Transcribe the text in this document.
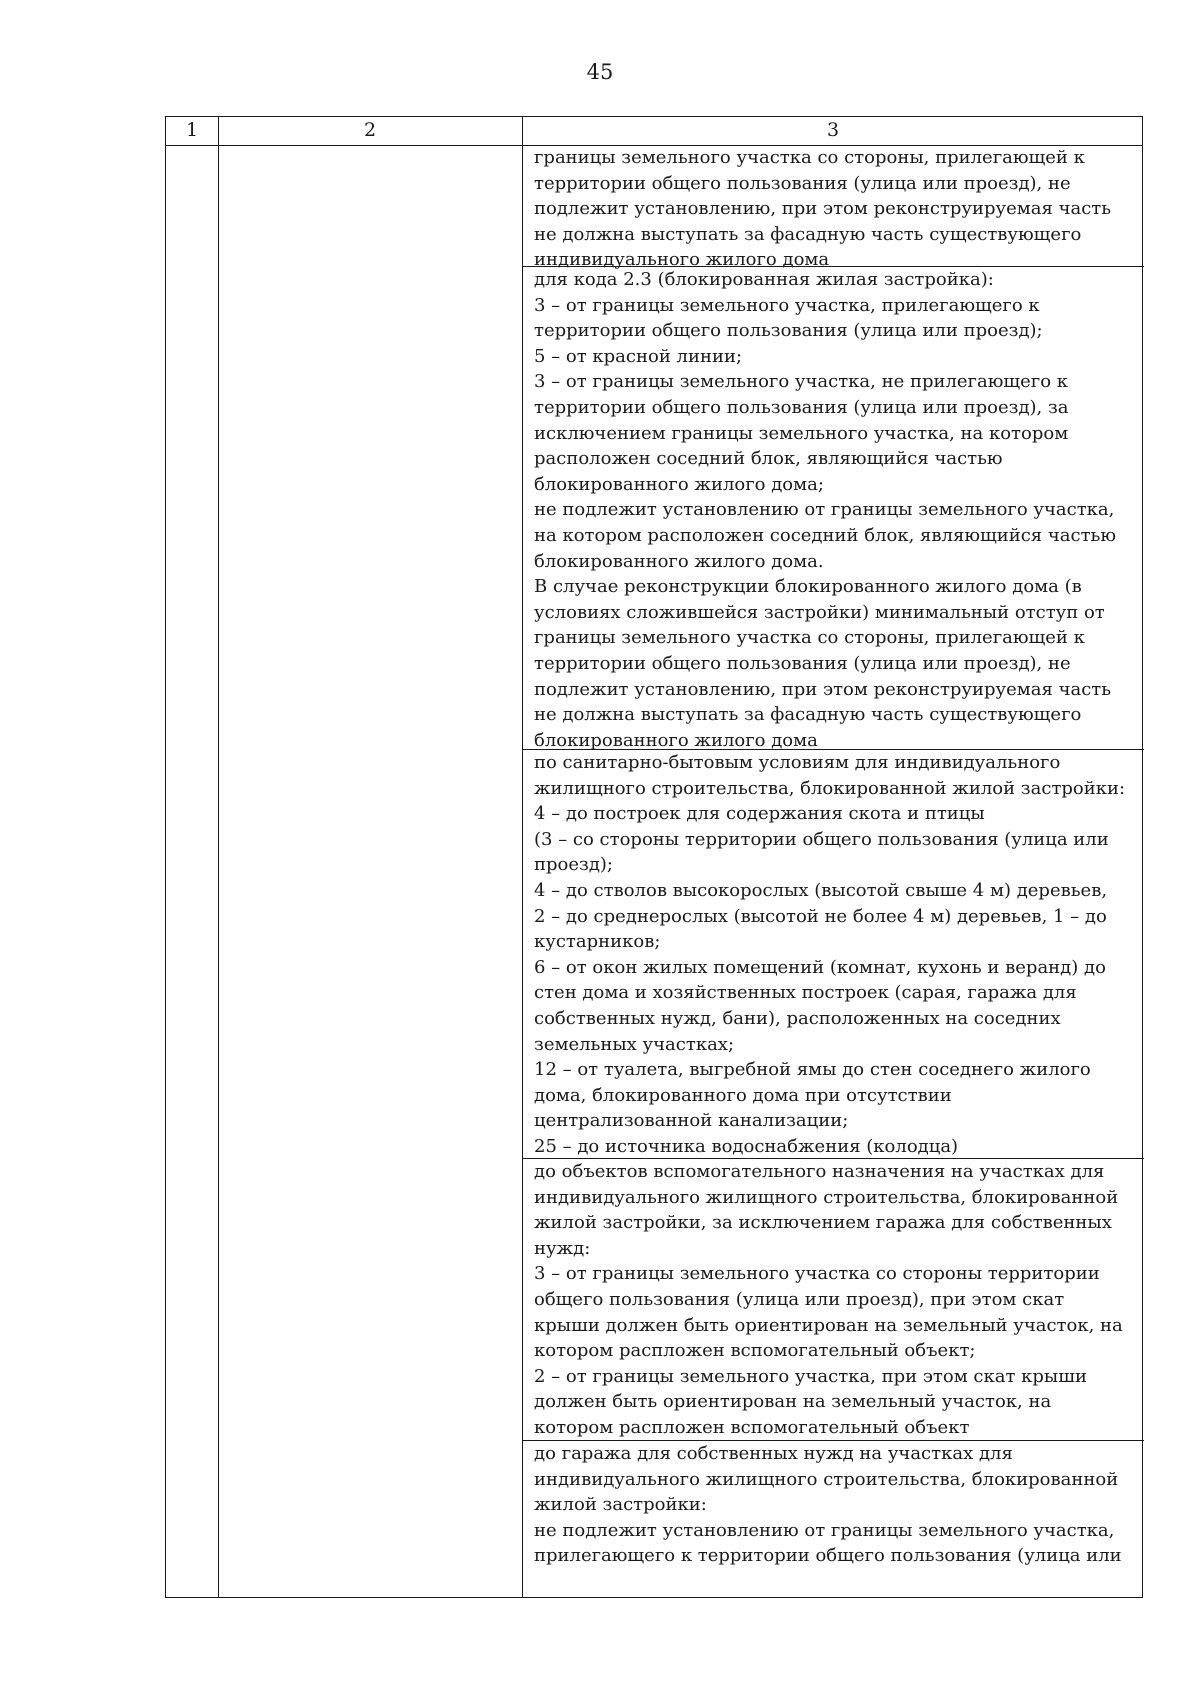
45
1	2	3
границы земельного участка со стороны, прилегающей к
территории общего пользования (улица или проезд), не
подлежит установлению, при этом реконструируемая часть
не должна выступать за фасадную часть существующего
индивидуального жилого дома
для кода 2.3 (блокированная жилая застройка):
3 – от границы земельного участка, прилегающего к
территории общего пользования (улица или проезд);
5 – от красной линии;
3 – от границы земельного участка, не прилегающего к
территории общего пользования (улица или проезд), за
исключением границы земельного участка, на котором
расположен соседний блок, являющийся частью
блокированного жилого дома;
не подлежит установлению от границы земельного участка,
на котором расположен соседний блок, являющийся частью
блокированного жилого дома.
В случае реконструкции блокированного жилого дома (в
условиях сложившейся застройки) минимальный отступ от
границы земельного участка со стороны, прилегающей к
территории общего пользования (улица или проезд), не
подлежит установлению, при этом реконструируемая часть
не должна выступать за фасадную часть существующего
блокированного жилого дома
по санитарно-бытовым условиям для индивидуального
жилищного строительства, блокированной жилой застройки:
4 – до построек для содержания скота и птицы
(3 – со стороны территории общего пользования (улица или
проезд);
4 – до стволов высокорослых (высотой свыше 4 м) деревьев,
2 – до среднерослых (высотой не более 4 м) деревьев, 1 – до
кустарников;
6 – от окон жилых помещений (комнат, кухонь и веранд) до
стен дома и хозяйственных построек (сарая, гаража для
собственных нужд, бани), расположенных на соседних
земельных участках;
12 – от туалета, выгребной ямы до стен соседнего жилого
дома, блокированного дома при отсутствии
централизованной канализации;
25 – до источника водоснабжения (колодца)
до объектов вспомогательного назначения на участках для
индивидуального жилищного строительства, блокированной
жилой застройки, за исключением гаража для собственных
нужд:
3 – от границы земельного участка со стороны территории
общего пользования (улица или проезд), при этом скат
крыши должен быть ориентирован на земельный участок, на
котором распложен вспомогательный объект;
2 – от границы земельного участка, при этом скат крыши
должен быть ориентирован на земельный участок, на
котором распложен вспомогательный объект
до гаража для собственных нужд на участках для
индивидуального жилищного строительства, блокированной
жилой застройки:
не подлежит установлению от границы земельного участка,
прилегающего к территории общего пользования (улица или
